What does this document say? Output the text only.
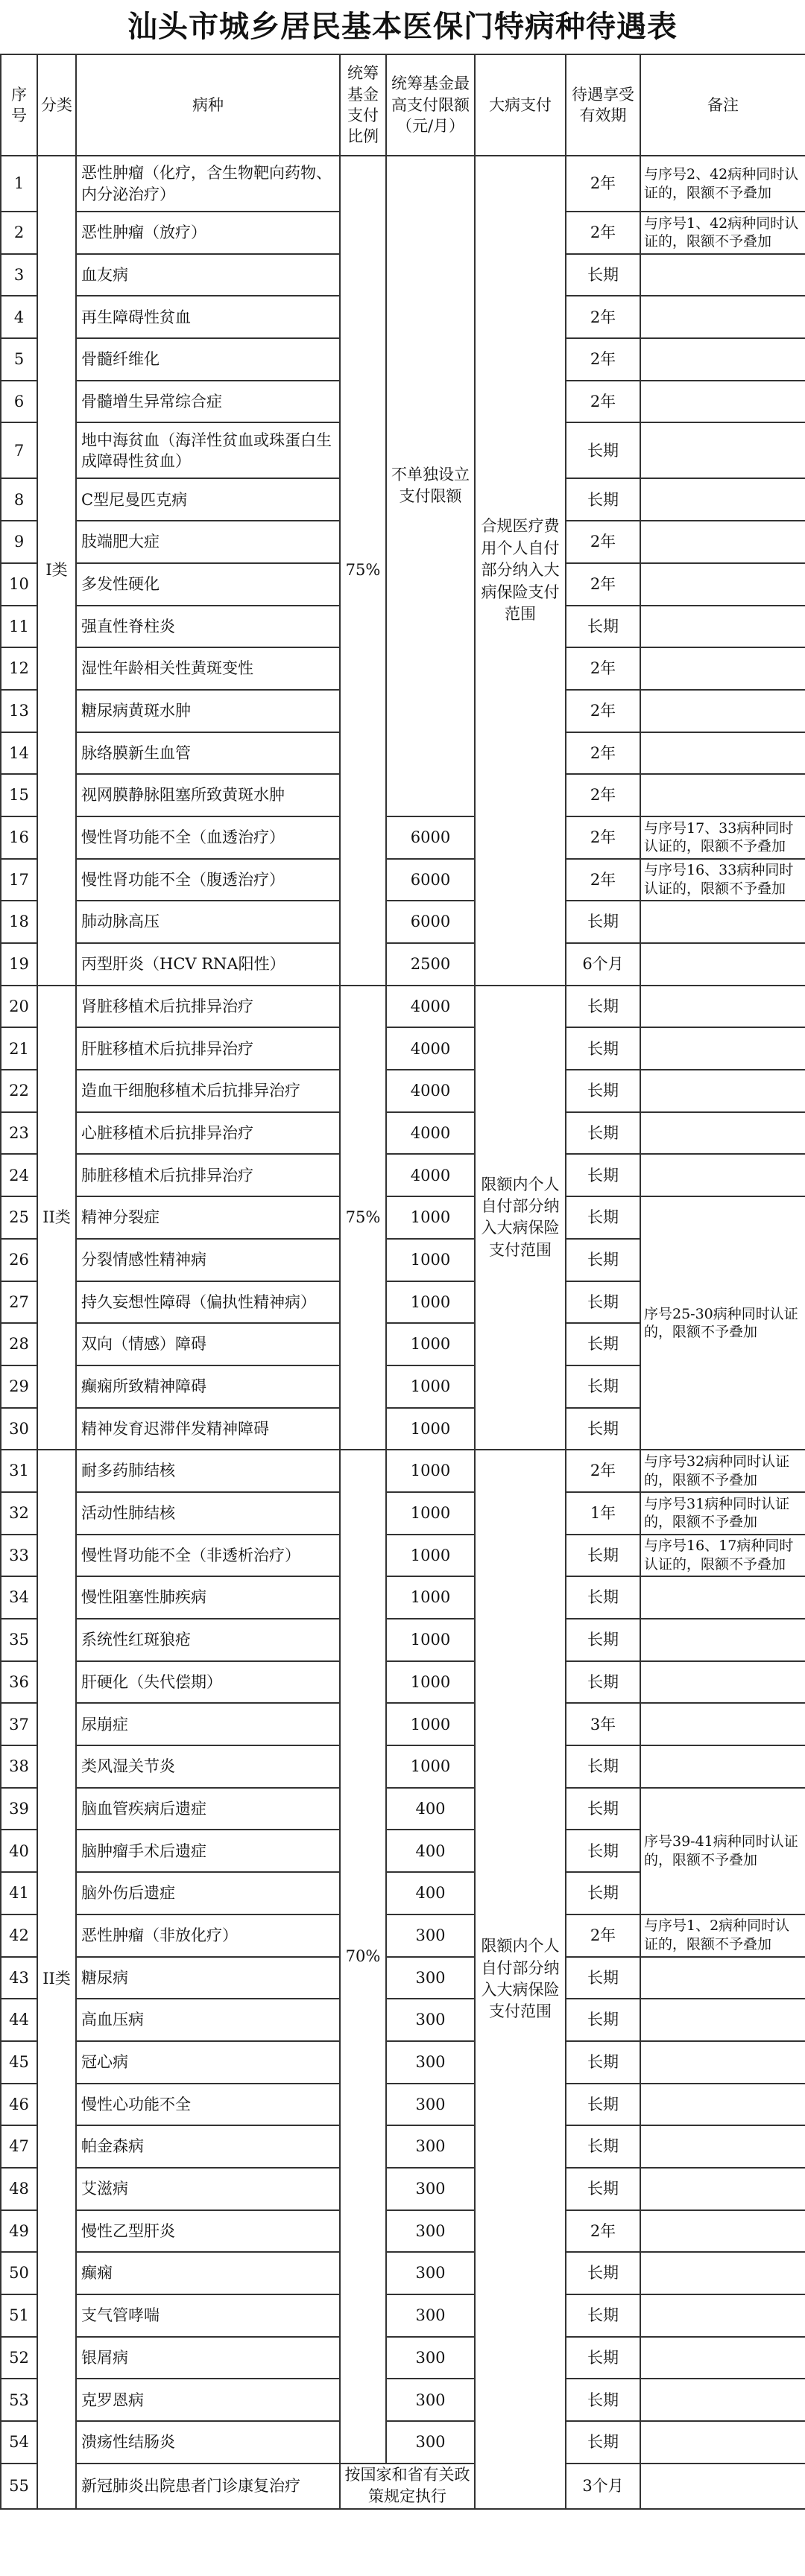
汕头市城乡居民基本医保门特病种待遇表
序号	分类	病种	统筹基金支付比例	统筹基金最高支付限额（元/月）	大病支付	待遇享受有效期	备注
1	I类	恶性肿瘤（化疗，含生物靶向药物、内分泌治疗）	75%	不单独设立支付限额	合规医疗费用个人自付部分纳入大病保险支付范围	2年	与序号2、42病种同时认证的，限额不予叠加
2		恶性肿瘤（放疗）				2年	与序号1、42病种同时认证的，限额不予叠加
3		血友病				长期	
4		再生障碍性贫血				2年	
5		骨髓纤维化				2年	
6		骨髓增生异常综合症				2年	
7		地中海贫血（海洋性贫血或珠蛋白生成障碍性贫血）				长期	
8		C型尼曼匹克病				长期	
9		肢端肥大症				2年	
10		多发性硬化				2年	
11		强直性脊柱炎				长期	
12		湿性年龄相关性黄斑变性				2年	
13		糖尿病黄斑水肿				2年	
14		脉络膜新生血管				2年	
15		视网膜静脉阻塞所致黄斑水肿				2年	
16		慢性肾功能不全（血透治疗）		6000		2年	与序号17、33病种同时认证的，限额不予叠加
17		慢性肾功能不全（腹透治疗）		6000		2年	与序号16、33病种同时认证的，限额不予叠加
18		肺动脉高压		6000		长期	
19		丙型肝炎（HCV RNA阳性）		2500		6个月	
20	II类	肾脏移植术后抗排异治疗	75%	4000	限额内个人自付部分纳入大病保险支付范围	长期	
21		肝脏移植术后抗排异治疗		4000		长期	
22		造血干细胞移植术后抗排异治疗		4000		长期	
23		心脏移植术后抗排异治疗		4000		长期	
24		肺脏移植术后抗排异治疗		4000		长期	
25		精神分裂症		1000		长期	序号25-30病种同时认证的，限额不予叠加
26		分裂情感性精神病		1000		长期	
27		持久妄想性障碍（偏执性精神病）		1000		长期	
28		双向（情感）障碍		1000		长期	
29		癫痫所致精神障碍		1000		长期	
30		精神发育迟滞伴发精神障碍		1000		长期	
31	II类	耐多药肺结核	70%	1000	限额内个人自付部分纳入大病保险支付范围	2年	与序号32病种同时认证的，限额不予叠加
32		活动性肺结核		1000		1年	与序号31病种同时认证的，限额不予叠加
33		慢性肾功能不全（非透析治疗）		1000		长期	与序号16、17病种同时认证的，限额不予叠加
34		慢性阻塞性肺疾病		1000		长期	
35		系统性红斑狼疮		1000		长期	
36		肝硬化（失代偿期）		1000		长期	
37		尿崩症		1000		3年	
38		类风湿关节炎		1000		长期	
39		脑血管疾病后遗症		400		长期	序号39-41病种同时认证的，限额不予叠加
40		脑肿瘤手术后遗症		400		长期	
41		脑外伤后遗症		400		长期	
42		恶性肿瘤（非放化疗）		300		2年	与序号1、2病种同时认证的，限额不予叠加
43		糖尿病		300		长期	
44		高血压病		300		长期	
45		冠心病		300		长期	
46		慢性心功能不全		300		长期	
47		帕金森病		300		长期	
48		艾滋病		300		长期	
49		慢性乙型肝炎		300		2年	
50		癫痫		300		长期	
51		支气管哮喘		300		长期	
52		银屑病		300		长期	
53		克罗恩病		300		长期	
54		溃疡性结肠炎		300		长期	
55		新冠肺炎出院患者门诊康复治疗	按国家和省有关政策规定执行			3个月	
